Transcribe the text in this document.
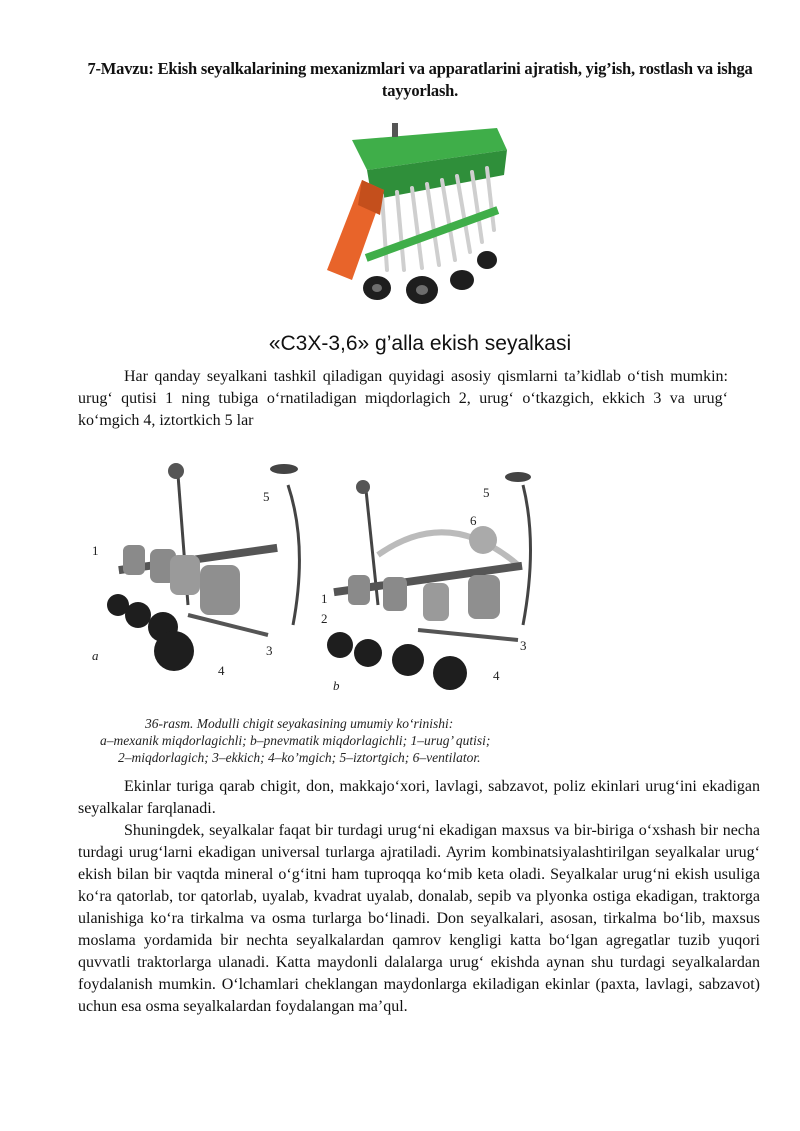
7-Mavzu: Ekish seyalkalarining mexanizmlari va apparatlarini ajratish, yig’ish, rostlash va ishga tayyorlash.
«C3X-3,6» g’alla ekish seyalkasi
Har qanday seyalkani tashkil qiladigan quyidagi asosiy qismlarni ta’kidlab o‘tish mumkin: urug‘ qutisi 1 ning tubiga o‘rnatiladigan miqdorlagich 2, urug‘ o‘tkazgich, ekkich 3 va urug‘ ko‘mgich 4, iztortkich 5 lar
1
5
3
4
a
5
6
1
2
3
4
b
36-rasm. Modulli chigit seyakasining umumiy ko‘rinishi:
a–mexanik miqdorlagichli; b–pnevmatik miqdorlagichli; 1–urug’ qutisi;
2–miqdorlagich; 3–ekkich; 4–ko’mgich; 5–iztortgich; 6–ventilator.

Ekinlar turiga qarab chigit, don, makkajo‘xori, lavlagi, sabzavot, poliz ekinlari urug‘ini ekadigan seyalkalar farqlanadi.

Shuningdek, seyalkalar faqat bir turdagi urug‘ni ekadigan maxsus va bir-biriga o‘xshash bir necha turdagi urug‘larni ekadigan universal turlarga ajratiladi. Ayrim kombinatsiyalashtirilgan seyalkalar urug‘ ekish bilan bir vaqtda mineral o‘g‘itni ham tuproqqa ko‘mib keta oladi. Seyalkalar urug‘ni ekish usuliga ko‘ra qatorlab, tor qatorlab, uyalab, kvadrat uyalab, donalab, sepib va plyonka ostiga ekadigan, traktorga ulanishiga ko‘ra tirkalma va osma turlarga bo‘linadi. Don seyalkalari, asosan, tirkalma bo‘lib, maxsus moslama yordamida bir nechta seyalkalardan qamrov kengligi katta bo‘lgan agregatlar tuzib yuqori quvvatli traktorlarga ulanadi. Katta maydonli dalalarga urug‘ ekishda aynan shu turdagi seyalkalardan foydalanish mumkin. O‘lchamlari cheklangan maydonlarga ekiladigan ekinlar (paxta, lavlagi, sabzavot) uchun esa osma seyalkalardan foydalangan ma’qul.
